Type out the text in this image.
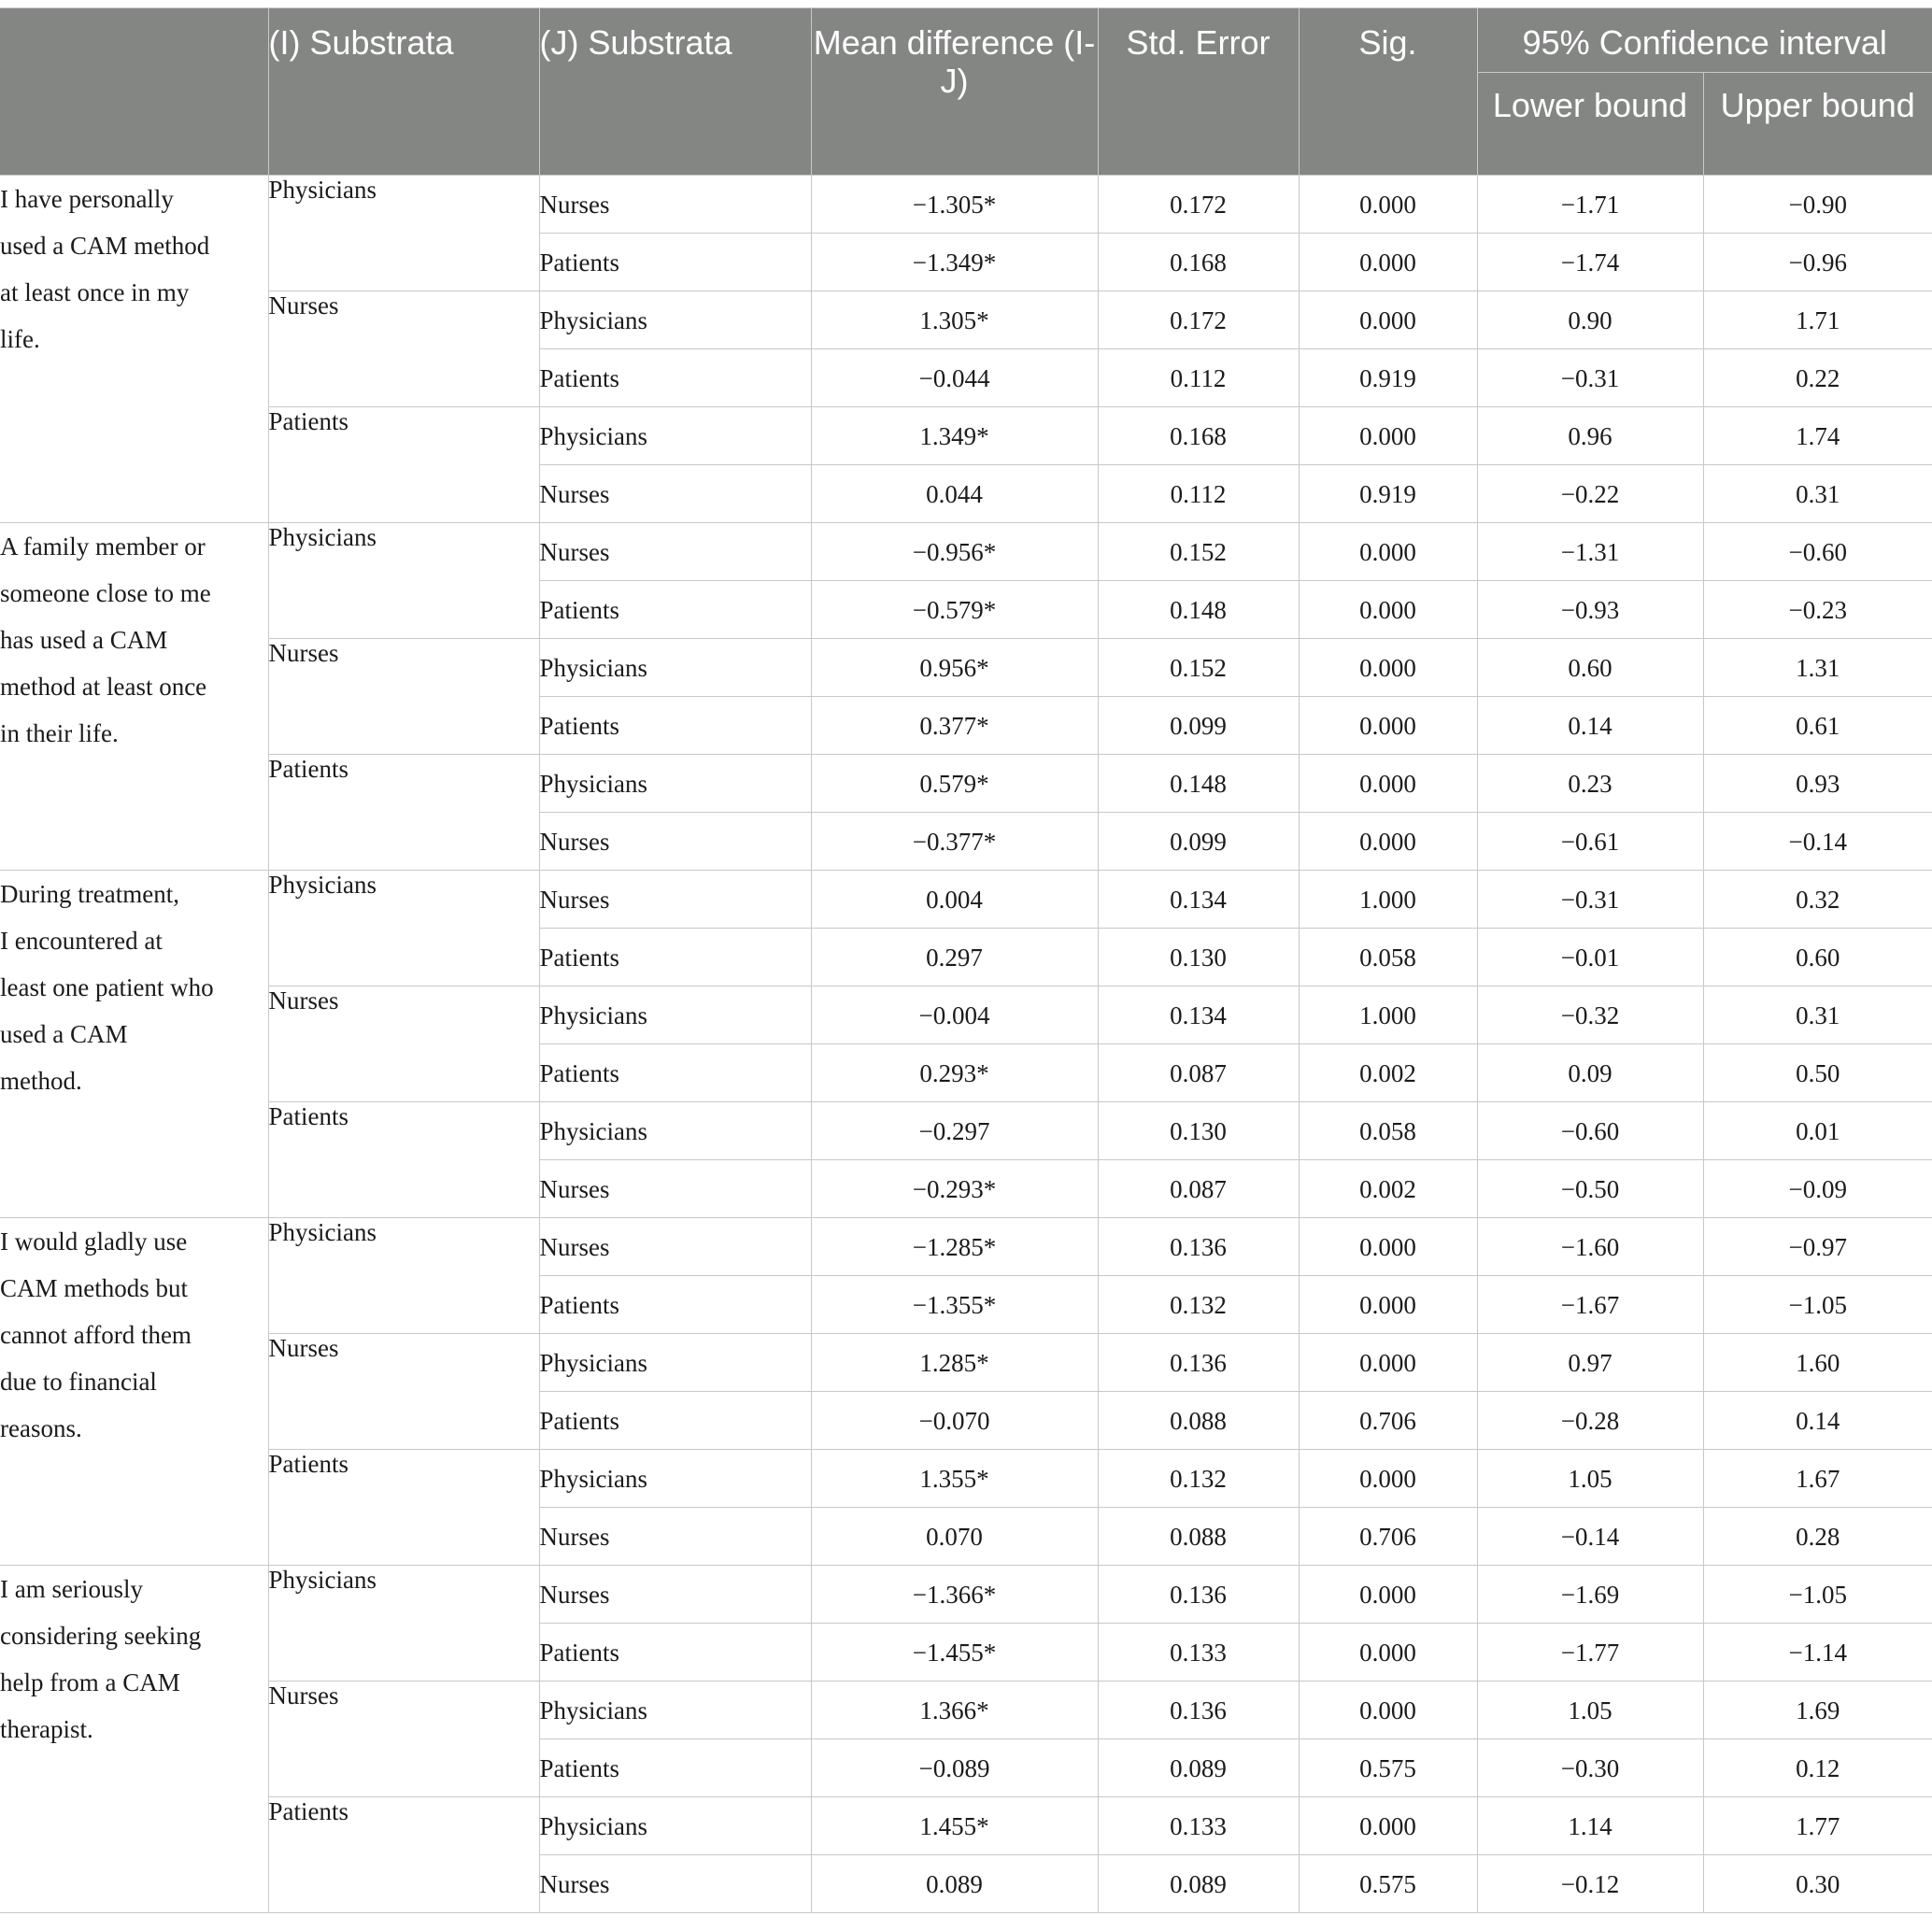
	(I) Substrata	(J) Substrata	Mean difference (I-J)	Std. Error	Sig.	95% Confidence interval	
						Lower bound	Upper bound
I have personally
used a CAM method
at least once in my
life.	Physicians	Nurses	−1.305*	0.172	0.000	−1.71	−0.90
		Patients	−1.349*	0.168	0.000	−1.74	−0.96
	Nurses	Physicians	1.305*	0.172	0.000	0.90	1.71
		Patients	−0.044	0.112	0.919	−0.31	0.22
	Patients	Physicians	1.349*	0.168	0.000	0.96	1.74
		Nurses	0.044	0.112	0.919	−0.22	0.31
A family member or
someone close to me
has used a CAM
method at least once
in their life.	Physicians	Nurses	−0.956*	0.152	0.000	−1.31	−0.60
		Patients	−0.579*	0.148	0.000	−0.93	−0.23
	Nurses	Physicians	0.956*	0.152	0.000	0.60	1.31
		Patients	0.377*	0.099	0.000	0.14	0.61
	Patients	Physicians	0.579*	0.148	0.000	0.23	0.93
		Nurses	−0.377*	0.099	0.000	−0.61	−0.14
During treatment,
I encountered at
least one patient who
used a CAM
method.	Physicians	Nurses	0.004	0.134	1.000	−0.31	0.32
		Patients	0.297	0.130	0.058	−0.01	0.60
	Nurses	Physicians	−0.004	0.134	1.000	−0.32	0.31
		Patients	0.293*	0.087	0.002	0.09	0.50
	Patients	Physicians	−0.297	0.130	0.058	−0.60	0.01
		Nurses	−0.293*	0.087	0.002	−0.50	−0.09
I would gladly use
CAM methods but
cannot afford them
due to financial
reasons.	Physicians	Nurses	−1.285*	0.136	0.000	−1.60	−0.97
		Patients	−1.355*	0.132	0.000	−1.67	−1.05
	Nurses	Physicians	1.285*	0.136	0.000	0.97	1.60
		Patients	−0.070	0.088	0.706	−0.28	0.14
	Patients	Physicians	1.355*	0.132	0.000	1.05	1.67
		Nurses	0.070	0.088	0.706	−0.14	0.28
I am seriously
considering seeking
help from a CAM
therapist.	Physicians	Nurses	−1.366*	0.136	0.000	−1.69	−1.05
		Patients	−1.455*	0.133	0.000	−1.77	−1.14
	Nurses	Physicians	1.366*	0.136	0.000	1.05	1.69
		Patients	−0.089	0.089	0.575	−0.30	0.12
	Patients	Physicians	1.455*	0.133	0.000	1.14	1.77
		Nurses	0.089	0.089	0.575	−0.12	0.30
